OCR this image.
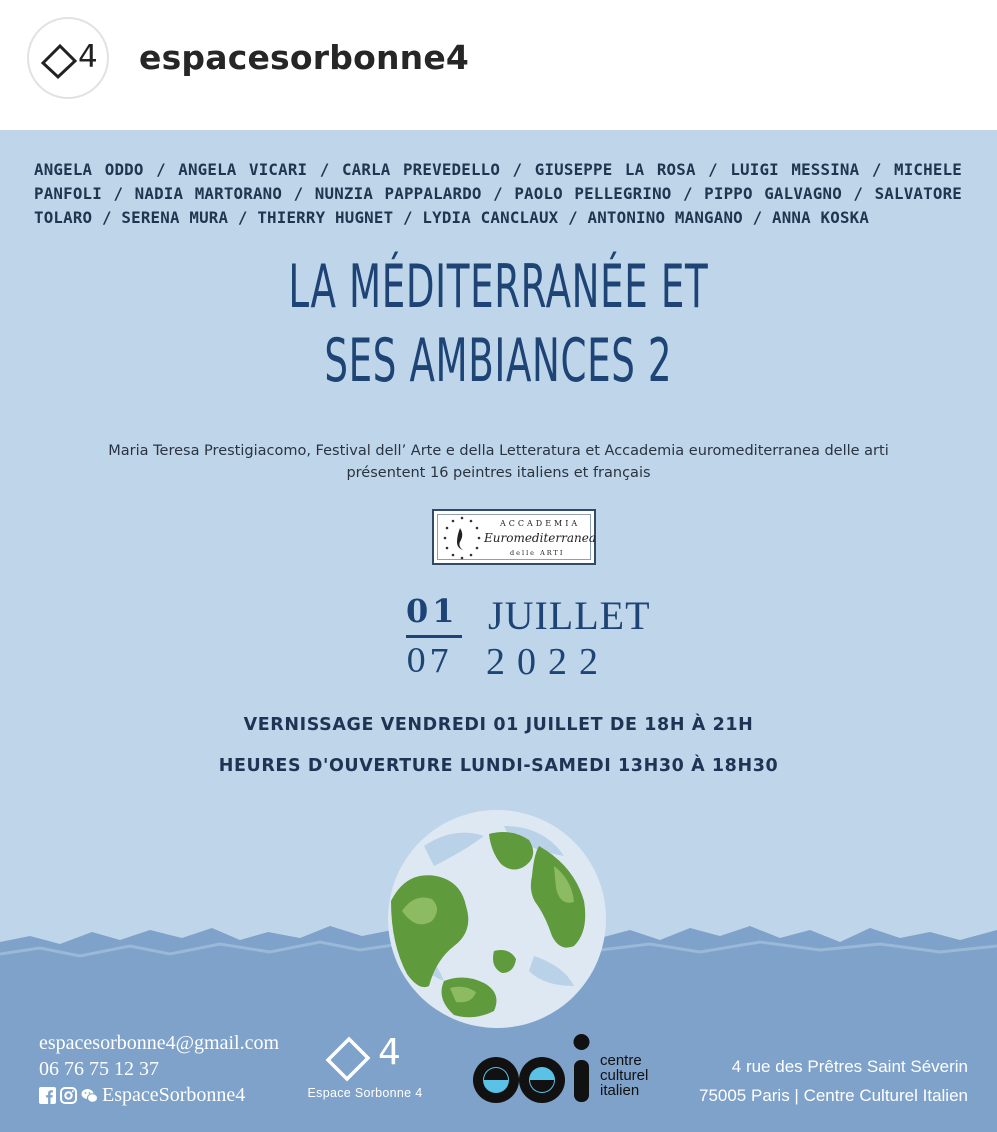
4 espacesorbonne4
ANGELA ODDO / ANGELA VICARI / CARLA PREVEDELLO / GIUSEPPE LA ROSA / LUIGI MESSINA / MICHELE PANFOLI / NADIA MARTORANO / NUNZIA PAPPALARDO / PAOLO PELLEGRINO / PIPPO GALVAGNO / SALVATORE TOLARO / SERENA MURA / THIERRY HUGNET / LYDIA CANCLAUX / ANTONINO MANGANO / ANNA KOSKA
LA MÉDITERRANÉE ET
SES AMBIANCES 2
Maria Teresa Prestigiacomo, Festival dell’ Arte e della Letteratura et Accademia euromediterranea delle arti
présentent 16 peintres italiens et français
ACCADEMIA
Euromediterranea
delle ARTI
01
07
JUILLET
2022
VERNISSAGE VENDREDI 01 JUILLET DE 18H À 21H
HEURES D'OUVERTURE LUNDI-SAMEDI 13H30 À 18H30
espacesorbonne4@gmail.com
06 76 75 12 37
EspaceSorbonne4
4
Espace Sorbonne 4
centre
culturel
italien
4 rue des Prêtres Saint Séverin
75005 Paris | Centre Culturel Italien
